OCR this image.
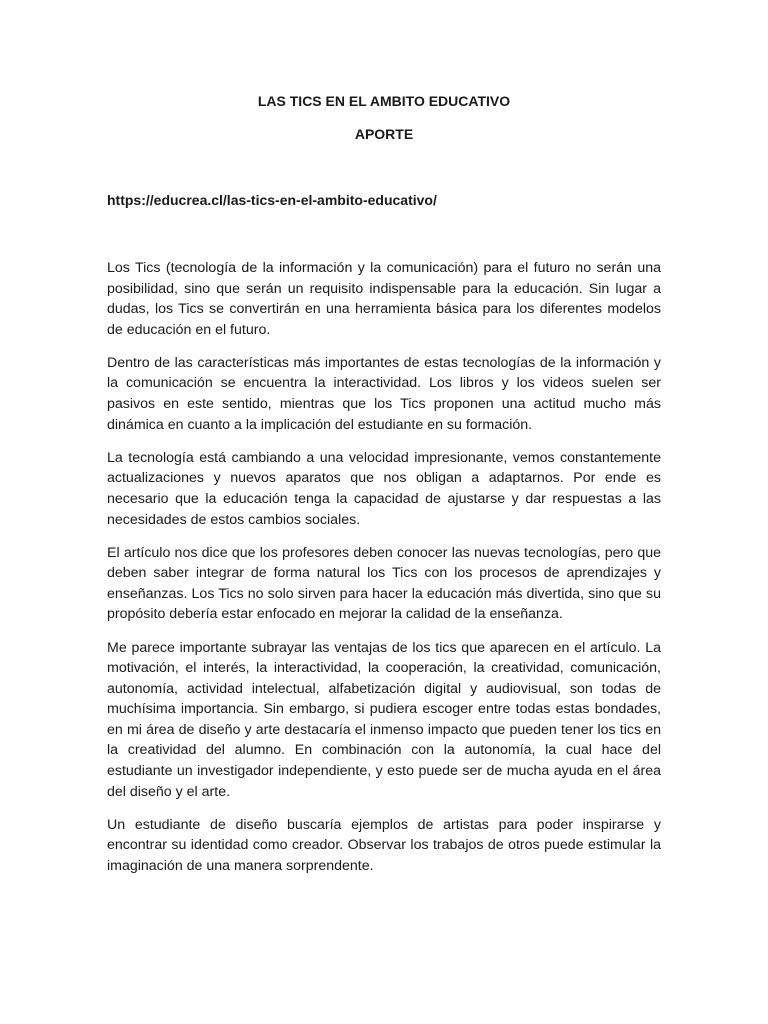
LAS TICS EN EL AMBITO EDUCATIVO
APORTE
https://educrea.cl/las-tics-en-el-ambito-educativo/

Los Tics (tecnología de la información y la comunicación) para el futuro no serán una posibilidad, sino que serán un requisito indispensable para la educación. Sin lugar a dudas, los Tics se convertirán en una herramienta básica para los diferentes modelos de educación en el futuro.

Dentro de las características más importantes de estas tecnologías de la información y la comunicación se encuentra la interactividad. Los libros y los videos suelen ser pasivos en este sentido, mientras que los Tics proponen una actitud mucho más dinámica en cuanto a la implicación del estudiante en su formación.

La tecnología está cambiando a una velocidad impresionante, vemos constantemente actualizaciones y nuevos aparatos que nos obligan a adaptarnos. Por ende es necesario que la educación tenga la capacidad de ajustarse y dar respuestas a las necesidades de estos cambios sociales.

El artículo nos dice que los profesores deben conocer las nuevas tecnologías, pero que deben saber integrar de forma natural los Tics con los procesos de aprendizajes y enseñanzas. Los Tics no solo sirven para hacer la educación más divertida, sino que su propósito debería estar enfocado en mejorar la calidad de la enseñanza.

Me parece importante subrayar las ventajas de los tics que aparecen en el artículo. La motivación, el interés, la interactividad, la cooperación, la creatividad, comunicación, autonomía, actividad intelectual, alfabetización digital y audiovisual, son todas de muchísima importancia. Sin embargo, si pudiera escoger entre todas estas bondades, en mi área de diseño y arte destacaría el inmenso impacto que pueden tener los tics en la creatividad del alumno. En combinación con la autonomía, la cual hace del estudiante un investigador independiente, y esto puede ser de mucha ayuda en el área del diseño y el arte.

Un estudiante de diseño buscaría ejemplos de artistas para poder inspirarse y encontrar su identidad como creador. Observar los trabajos de otros puede estimular la imaginación de una manera sorprendente.
